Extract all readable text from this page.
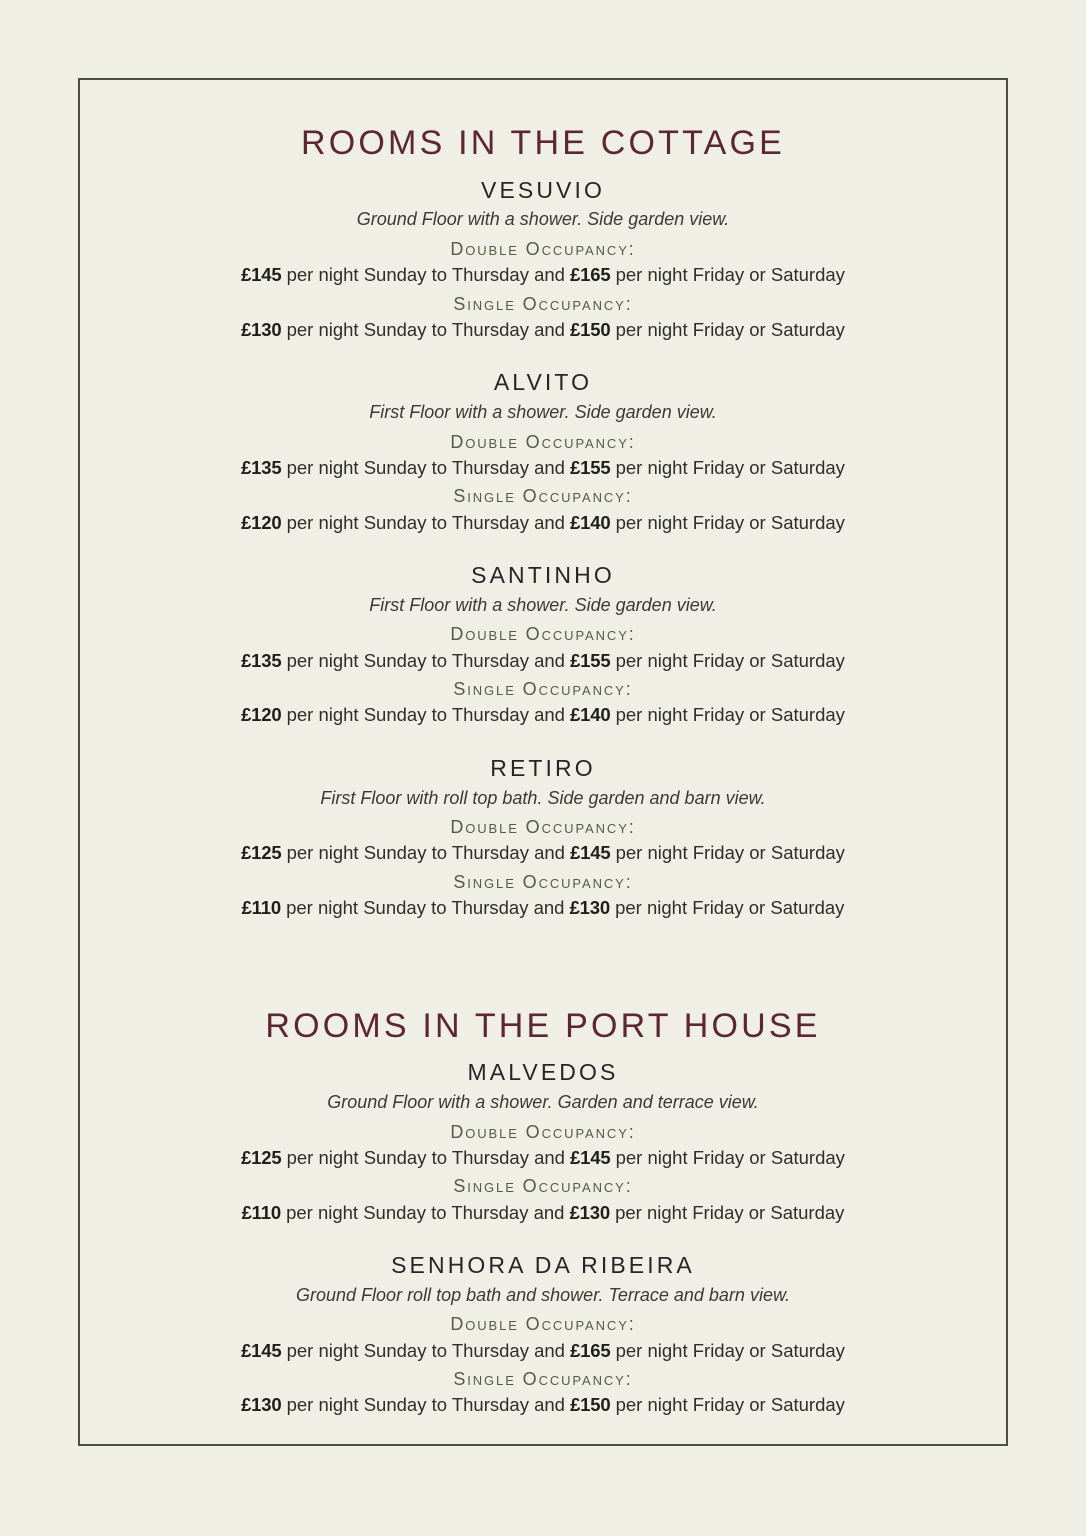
ROOMS IN THE COTTAGE
VESUVIO

Ground Floor with a shower. Side garden view.

Double Occupancy:

£145 per night Sunday to Thursday and £165 per night Friday or Saturday

Single Occupancy:

£130 per night Sunday to Thursday and £150 per night Friday or Saturday

ALVITO

First Floor with a shower. Side garden view.

Double Occupancy:

£135 per night Sunday to Thursday and £155 per night Friday or Saturday

Single Occupancy:

£120 per night Sunday to Thursday and £140 per night Friday or Saturday

SANTINHO

First Floor with a shower. Side garden view.

Double Occupancy:

£135 per night Sunday to Thursday and £155 per night Friday or Saturday

Single Occupancy:

£120 per night Sunday to Thursday and £140 per night Friday or Saturday

RETIRO

First Floor with roll top bath. Side garden and barn view.

Double Occupancy:

£125 per night Sunday to Thursday and £145 per night Friday or Saturday

Single Occupancy:

£110 per night Sunday to Thursday and £130 per night Friday or Saturday

ROOMS IN THE PORT HOUSE
MALVEDOS

Ground Floor with a shower. Garden and terrace view.

Double Occupancy:

£125 per night Sunday to Thursday and £145 per night Friday or Saturday

Single Occupancy:

£110 per night Sunday to Thursday and £130 per night Friday or Saturday

SENHORA DA RIBEIRA

Ground Floor roll top bath and shower. Terrace and barn view.

Double Occupancy:

£145 per night Sunday to Thursday and £165 per night Friday or Saturday

Single Occupancy:

£130 per night Sunday to Thursday and £150 per night Friday or Saturday
